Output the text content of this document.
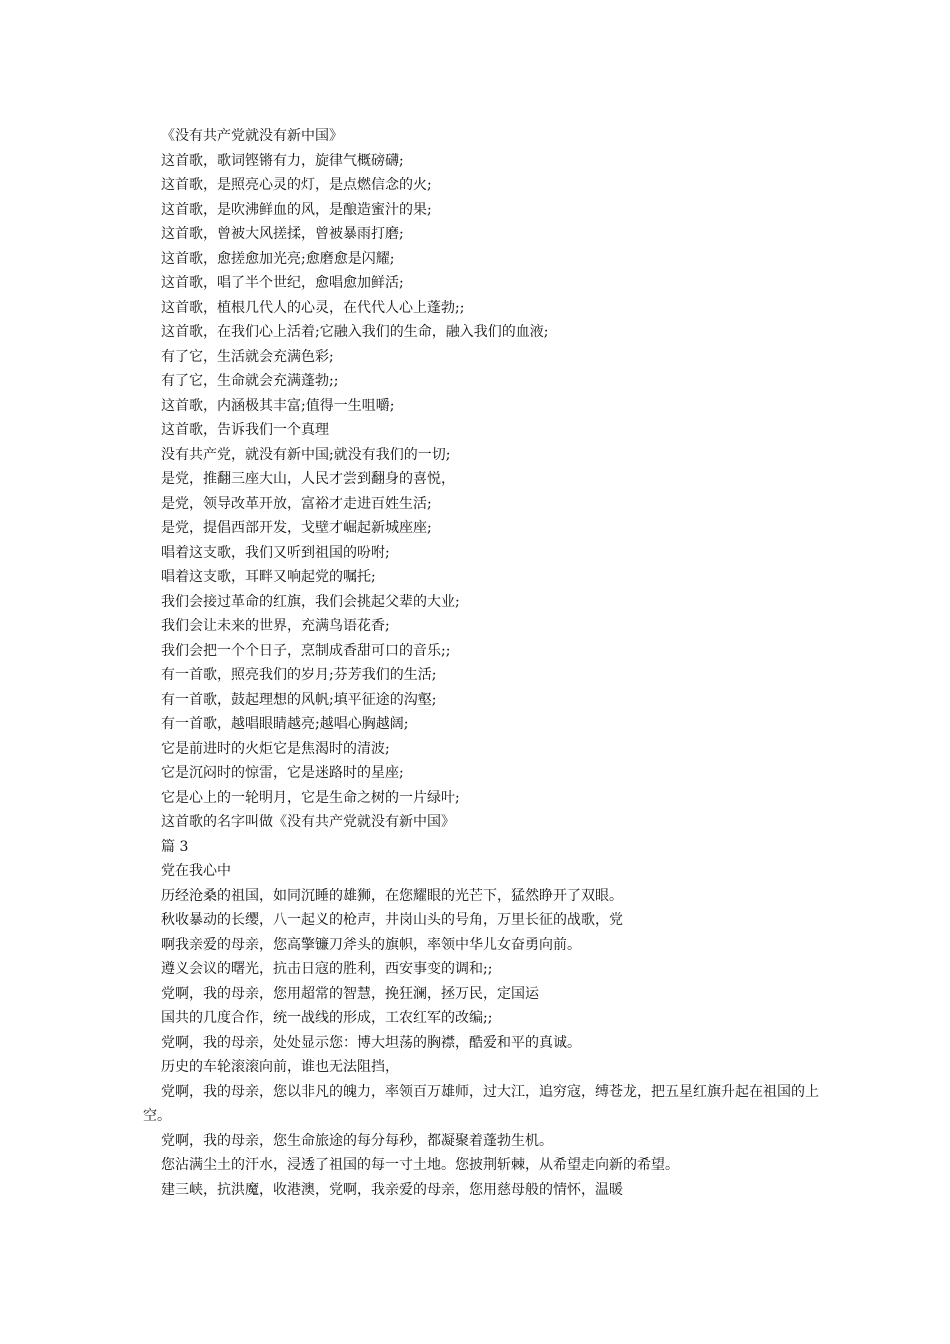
《没有共产党就没有新中国》
这首歌，歌词铿锵有力，旋律气概磅礴;
这首歌，是照亮心灵的灯，是点燃信念的火;
这首歌，是吹沸鲜血的风，是酿造蜜汁的果;
这首歌，曾被大风搓揉，曾被暴雨打磨;
这首歌，愈搓愈加光亮;愈磨愈是闪耀;
这首歌，唱了半个世纪，愈唱愈加鲜活;
这首歌，植根几代人的心灵，在代代人心上蓬勃;;
这首歌，在我们心上活着;它融入我们的生命，融入我们的血液;
有了它，生活就会充满色彩;
有了它，生命就会充满蓬勃;;
这首歌，内涵极其丰富;值得一生咀嚼;
这首歌，告诉我们一个真理
没有共产党，就没有新中国;就没有我们的一切;
是党，推翻三座大山，人民才尝到翻身的喜悦，
是党，领导改革开放，富裕才走进百姓生活;
是党，提倡西部开发，戈壁才崛起新城座座;
唱着这支歌，我们又听到祖国的吩咐;
唱着这支歌，耳畔又响起党的嘱托;
我们会接过革命的红旗，我们会挑起父辈的大业;
我们会让未来的世界，充满鸟语花香;
我们会把一个个日子，烹制成香甜可口的音乐;;
有一首歌，照亮我们的岁月;芬芳我们的生活;
有一首歌，鼓起理想的风帆;填平征途的沟壑;
有一首歌，越唱眼睛越亮;越唱心胸越阔;
它是前进时的火炬它是焦渴时的清波;
它是沉闷时的惊雷，它是迷路时的星座;
它是心上的一轮明月，它是生命之树的一片绿叶;
这首歌的名字叫做《没有共产党就没有新中国》
篇 3
党在我心中
历经沧桑的祖国，如同沉睡的雄狮，在您耀眼的光芒下，猛然睁开了双眼。
秋收暴动的长缨，八一起义的枪声，井岗山头的号角，万里长征的战歌，党
啊我亲爱的母亲，您高擎镰刀斧头的旗帜，率领中华儿女奋勇向前。
遵义会议的曙光，抗击日寇的胜利，西安事变的调和;;
党啊，我的母亲，您用超常的智慧，挽狂澜，拯万民，定国运
国共的几度合作，统一战线的形成，工农红军的改编;;
党啊，我的母亲，处处显示您：博大坦荡的胸襟，酷爱和平的真诚。
历史的车轮滚滚向前，谁也无法阻挡，
党啊，我的母亲，您以非凡的魄力，率领百万雄师，过大江，追穷寇，缚苍龙，把五星红旗升起在祖国的上空。
党啊，我的母亲，您生命旅途的每分每秒，都凝聚着蓬勃生机。
您沾满尘土的汗水，浸透了祖国的每一寸土地。您披荆斩棘，从希望走向新的希望。
建三峡，抗洪魔，收港澳，党啊，我亲爱的母亲，您用慈母般的情怀，温暖
